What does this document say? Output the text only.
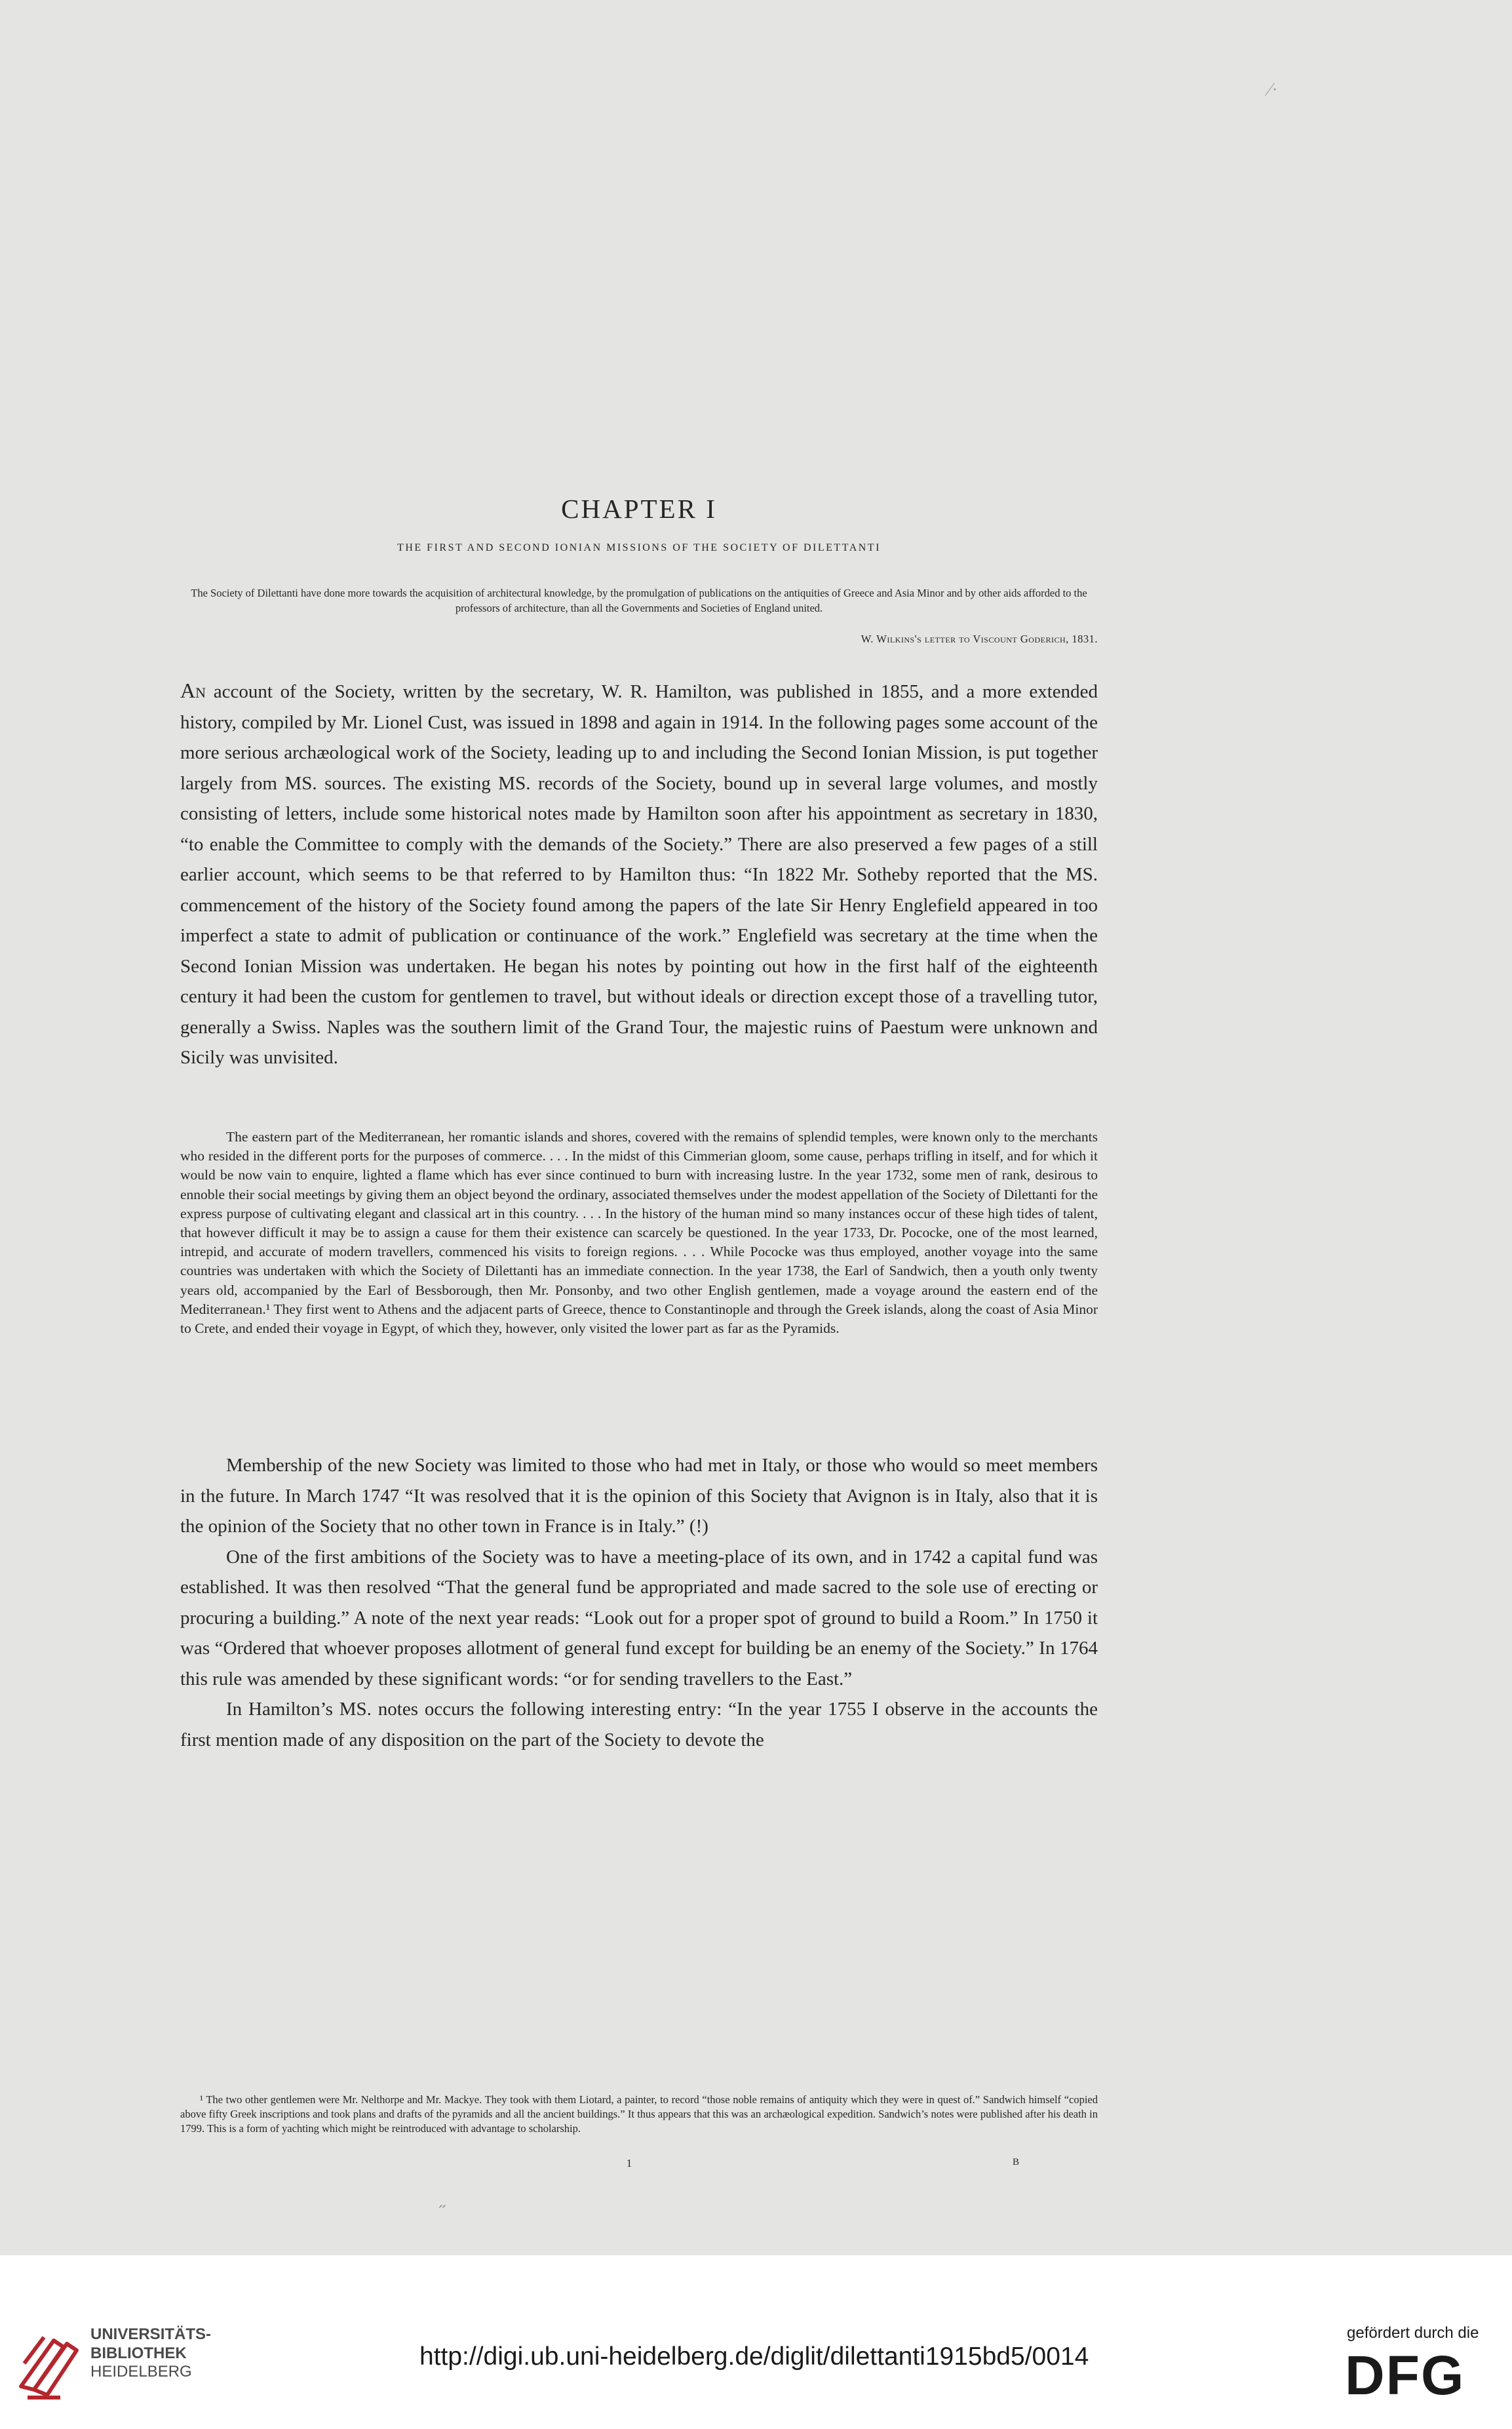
⁄·
˶
CHAPTER I
THE FIRST AND SECOND IONIAN MISSIONS OF THE SOCIETY OF DILETTANTI
The Society of Dilettanti have done more towards the acquisition of architectural knowledge, by the promulgation of publications on the antiquities of Greece and Asia Minor and by other aids afforded to the professors of architecture, than all the Governments and Societies of England united.
W. Wilkins's letter to Viscount Goderich, 1831.

An account of the Society, written by the secretary, W. R. Hamilton, was published in 1855, and a more extended history, compiled by Mr. Lionel Cust, was issued in 1898 and again in 1914. In the following pages some account of the more serious archæological work of the Society, leading up to and including the Second Ionian Mission, is put together largely from MS. sources. The existing MS. records of the Society, bound up in several large volumes, and mostly consisting of letters, include some historical notes made by Hamilton soon after his appointment as secretary in 1830, “to enable the Committee to comply with the demands of the Society.” There are also preserved a few pages of a still earlier account, which seems to be that referred to by Hamilton thus: “In 1822 Mr. Sotheby reported that the MS. commencement of the history of the Society found among the papers of the late Sir Henry Englefield appeared in too imperfect a state to admit of publication or continuance of the work.” Englefield was secretary at the time when the Second Ionian Mission was undertaken. He began his notes by pointing out how in the first half of the eighteenth century it had been the custom for gentlemen to travel, but without ideals or direction except those of a travelling tutor, generally a Swiss. Naples was the southern limit of the Grand Tour, the majestic ruins of Paestum were unknown and Sicily was unvisited.

The eastern part of the Mediterranean, her romantic islands and shores, covered with the remains of splendid temples, were known only to the merchants who resided in the different ports for the purposes of commerce. . . . In the midst of this Cimmerian gloom, some cause, perhaps trifling in itself, and for which it would be now vain to enquire, lighted a flame which has ever since continued to burn with increasing lustre. In the year 1732, some men of rank, desirous to ennoble their social meetings by giving them an object beyond the ordinary, associated themselves under the modest appellation of the Society of Dilettanti for the express purpose of cultivating elegant and classical art in this country. . . . In the history of the human mind so many instances occur of these high tides of talent, that however difficult it may be to assign a cause for them their existence can scarcely be questioned. In the year 1733, Dr. Pococke, one of the most learned, intrepid, and accurate of modern travellers, commenced his visits to foreign regions. . . . While Pococke was thus employed, another voyage into the same countries was undertaken with which the Society of Dilettanti has an immediate connection. In the year 1738, the Earl of Sandwich, then a youth only twenty years old, accompanied by the Earl of Bessborough, then Mr. Ponsonby, and two other English gentlemen, made a voyage around the eastern end of the Mediterranean.¹ They first went to Athens and the adjacent parts of Greece, thence to Constantinople and through the Greek islands, along the coast of Asia Minor to Crete, and ended their voyage in Egypt, of which they, however, only visited the lower part as far as the Pyramids.

Membership of the new Society was limited to those who had met in Italy, or those who would so meet members in the future. In March 1747 “It was resolved that it is the opinion of this Society that Avignon is in Italy, also that it is the opinion of the Society that no other town in France is in Italy.” (!)

One of the first ambitions of the Society was to have a meeting-place of its own, and in 1742 a capital fund was established. It was then resolved “That the general fund be appropriated and made sacred to the sole use of erecting or procuring a building.” A note of the next year reads: “Look out for a proper spot of ground to build a Room.” In 1750 it was “Ordered that whoever proposes allotment of general fund except for building be an enemy of the Society.” In 1764 this rule was amended by these significant words: “or for sending travellers to the East.”

In Hamilton’s MS. notes occurs the following interesting entry: “In the year 1755 I observe in the accounts the first mention made of any disposition on the part of the Society to devote the

¹ The two other gentlemen were Mr. Nelthorpe and Mr. Mackye. They took with them Liotard, a painter, to record “those noble remains of antiquity which they were in quest of.” Sandwich himself “copied above fifty Greek inscriptions and took plans and drafts of the pyramids and all the ancient buildings.” It thus appears that this was an archæological expedition. Sandwich’s notes were published after his death in 1799. This is a form of yachting which might be reintroduced with advantage to scholarship.

1	B
UNIVERSITÄTS-
BIBLIOTHEK
HEIDELBERG
http://digi.ub.uni-heidelberg.de/diglit/dilettanti1915bd5/0014
gefördert durch die
DFG
